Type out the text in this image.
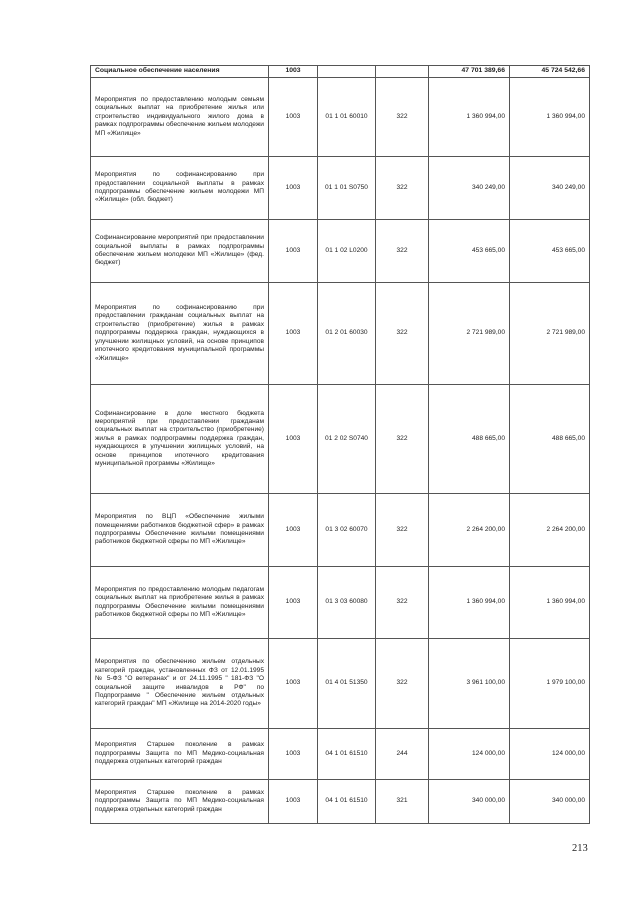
Социальное обеспечение населения	1003			47 701 389,66	45 724 542,66
Мероприятия по предоставлению молодым семьям социальных выплат на приобретение жилья или строительство индивидуального жилого дома в рамках подпрограммы обеспечение жильем молодежи МП «Жилище»	1003	01 1 01 60010	322	1 360 994,00	1 360 994,00
Мероприятия по софинансированию при предоставлении социальной выплаты в рамках подпрограммы обеспечение жильем молодежи МП «Жилище» (обл. бюджет)	1003	01 1 01 S0750	322	340 249,00	340 249,00
Софинансирование мероприятий при предоставлении социальной выплаты в рамках подпрограммы обеспечение жильем молодежи МП «Жилище» (фед. бюджет)	1003	01 1 02 L0200	322	453 665,00	453 665,00
Мероприятия по софинансированию при предоставлении гражданам социальных выплат на строительство (приобретение) жилья в рамках подпрограммы поддержка граждан, нуждающихся в улучшении жилищных условий, на основе принципов ипотечного кредитования муниципальной программы «Жилище»	1003	01 2 01 60030	322	2 721 989,00	2 721 989,00
Софинансирование в доле местного бюджета мероприятий при предоставлении гражданам социальных выплат на строительство (приобретение) жилья в рамках подпрограммы поддержка граждан, нуждающихся в улучшении жилищных условий, на основе принципов ипотечного кредитования муниципальной программы «Жилище»	1003	01 2 02 S0740	322	488 665,00	488 665,00
Мероприятия по ВЦП «Обеспечение жилыми помещениями работников бюджетной сфер» в рамках подпрограммы Обеспечение жилыми помещениями работников бюджетной сферы по МП «Жилище»	1003	01 3 02 60070	322	2 264 200,00	2 264 200,00
Мероприятия по предоставлению молодым педагогам социальных выплат на приобретение жилья в рамках подпрограммы Обеспечение жилыми помещениями работников бюджетной сферы по МП «Жилище»	1003	01 3 03 60080	322	1 360 994,00	1 360 994,00
Мероприятия по обеспечению жильем отдельных категорий граждан, установленных ФЗ от 12.01.1995 № 5-ФЗ "О ветеранах" и от 24.11.1995 " 181-ФЗ "О социальной защите инвалидов в РФ" по Подпрограмме " Обеспечение жильем отдельных категорий граждан" МП «Жилище на 2014-2020 годы»	1003	01 4 01 51350	322	3 961 100,00	1 979 100,00
Мероприятия Старшее поколение в рамках подпрограммы Защита по МП Медико-социальная поддержка отдельных категорий граждан	1003	04 1 01 61510	244	124 000,00	124 000,00
Мероприятия Старшее поколение в рамках подпрограммы Защита по МП Медико-социальная поддержка отдельных категорий граждан	1003	04 1 01 61510	321	340 000,00	340 000,00
213
